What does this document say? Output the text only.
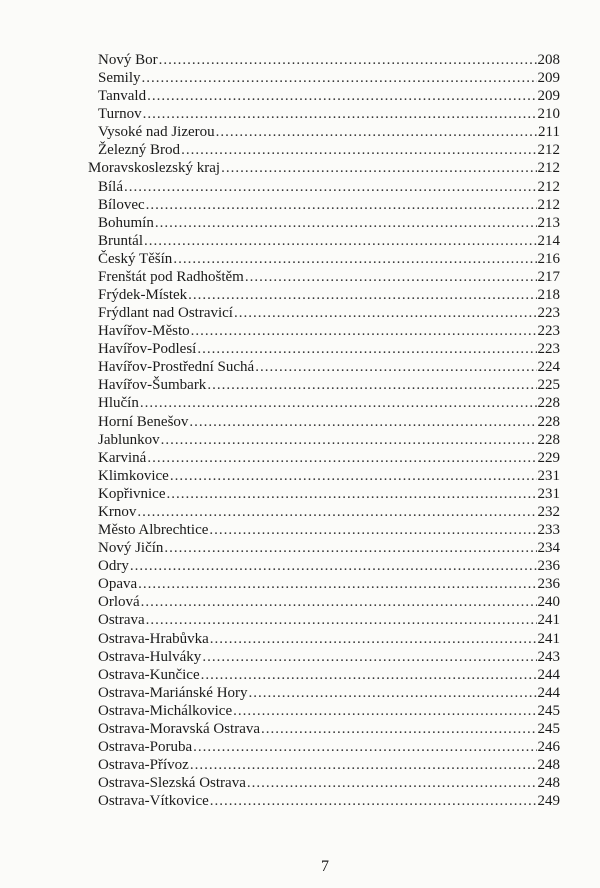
Nový Bor .....	208
Semily .....	209
Tanvald .....	209
Turnov .....	210
Vysoké nad Jizerou .....	211
Železný Brod .....	212
Moravskoslezský kraj .....	212
Bílá .....	212
Bílovec .....	212
Bohumín .....	213
Bruntál .....	214
Český Těšín .....	216
Frenštát pod Radhoštěm .....	217
Frýdek-Místek .....	218
Frýdlant nad Ostravicí .....	223
Havířov-Město .....	223
Havířov-Podlesí .....	223
Havířov-Prostřední Suchá .....	224
Havířov-Šumbark .....	225
Hlučín .....	228
Horní Benešov .....	228
Jablunkov .....	228
Karviná .....	229
Klimkovice .....	231
Kopřivnice .....	231
Krnov .....	232
Město Albrechtice .....	233
Nový Jičín .....	234
Odry .....	236
Opava .....	236
Orlová .....	240
Ostrava .....	241
Ostrava-Hrabůvka .....	241
Ostrava-Hulváky .....	243
Ostrava-Kunčice .....	244
Ostrava-Mariánské Hory .....	244
Ostrava-Michálkovice .....	245
Ostrava-Moravská Ostrava .....	245
Ostrava-Poruba .....	246
Ostrava-Přívoz .....	248
Ostrava-Slezská Ostrava .....	248
Ostrava-Vítkovice .....	249
7
